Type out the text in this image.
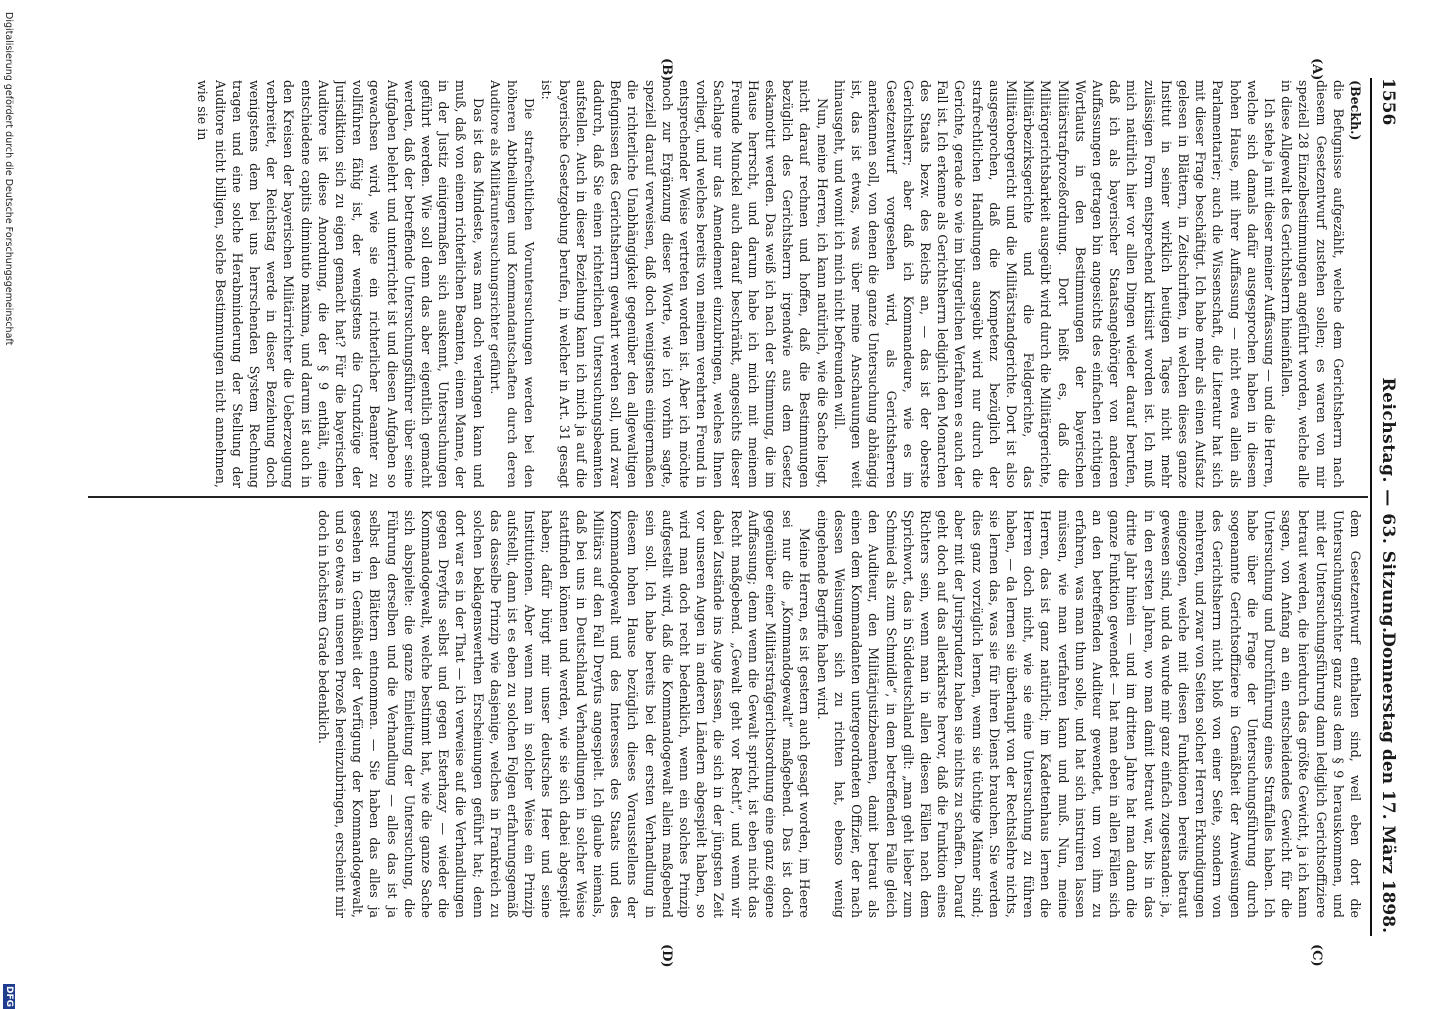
1556
Reichstag. — 63. Sitzung.
Donnerstag den 17. März 1898.
(A)
(B)
(C)
(D)

(Beckh.)

die Befugnisse aufgezählt, welche dem Gerichtsherrn nach diesem Gesetzentwurf zustehen sollen; es waren von mir speziell 28 Einzelbestimmungen angeführt worden, welche alle in diese Allgewalt des Gerichtsherrn hineinfallen.

Ich stehe ja mit dieser meiner Auffassung — und die Herren, welche sich damals dafür ausgesprochen haben in diesem hohen Hause, mit ihrer Auffassung — nicht etwa allein als Parlamentarier; auch die Wissenschaft, die Literatur hat sich mit dieser Frage beschäftigt. Ich habe mehr als einen Aufsatz gelesen in Blättern, in Zeitschriften, in welchen dieses ganze Institut in seiner wirklich heutigen Tages nicht mehr zulässigen Form entsprechend kritisirt worden ist. Ich muß mich natürlich hier vor allen Dingen wieder darauf berufen, daß ich als bayerischer Staatsangehöriger von anderen Auffassungen getragen bin angesichts des einfachen richtigen Wortlauts in den Bestimmungen der bayerischen Militärstrafprozeßordnung. Dort heißt es, daß die Militärgerichtsbarkeit ausgeübt wird durch die Militärgerichte, Militärbezirksgerichte und die Feldgerichte, das Militärobergericht und die Militärstandgerichte. Dort ist also ausgesprochen, daß die Kompetenz bezüglich der strafrechtlichen Handlungen ausgeübt wird nur durch die Gerichte, gerade so wie im bürgerlichen Verfahren es auch der Fall ist. Ich erkenne als Gerichtsherrn lediglich den Monarchen des Staats bezw. des Reichs an, — das ist der oberste Gerichtsherr; aber daß ich Kommandeure, wie es im Gesetzentwurf vorgesehen wird, als Gerichtsherren anerkennen soll, von denen die ganze Untersuchung abhängig ist, das ist etwas, was über meine Anschauungen weit hinausgeht, und womit ich mich nicht befreunden will.

Nun, meine Herren, ich kann natürlich, wie die Sache liegt, nicht darauf rechnen und hoffen, daß die Bestimmungen bezüglich des Gerichtsherrn irgendwie aus dem Gesetz eskamotirt werden. Das weiß ich nach der Stimmung, die im Hause herrscht, und darum habe ich mich mit meinem Freunde Munckel auch darauf beschränkt, angesichts dieser Sachlage nur das Amendement einzubringen, welches Ihnen vorliegt, und welches bereits von meinem verehrten Freund in entsprechender Weise vertreten worden ist. Aber ich möchte noch zur Ergänzung dieser Worte, wie ich vorhin sagte, speziell darauf verweisen, daß doch wenigstens einigermaßen die richterliche Unabhängigkeit gegenüber den allgewaltigen Befugnissen des Gerichtsherrn gewahrt werden soll, und zwar dadurch, daß Sie einen richterlichen Untersuchungsbeamten aufstellen. Auch in dieser Beziehung kann ich mich ja auf die bayerische Gesetzgebung berufen, in welcher in Art. 31 gesagt ist:

Die strafrechtlichen Voruntersuchungen werden bei den höheren Abtheilungen und Kommandantschaften durch deren Auditore als Militäruntersuchungsrichter geführt.

Das ist das Mindeste, was man doch verlangen kann und muß, daß von einem richterlichen Beamten, einem Manne, der in der Justiz einigermaßen sich auskennt, Untersuchungen geführt werden. Wie soll denn das aber eigentlich gemacht werden, daß der betreffende Untersuchungsführer über seine Aufgaben belehrt und unterrichtet ist und diesen Aufgaben so gewachsen wird, wie sie ein richterlicher Beamter zu vollführen fähig ist, der wenigstens die Grundzüge der Jurisdiktion sich zu eigen gemacht hat? Für die bayerischen Auditore ist diese Anordnung, die der § 9 enthält, eine entschiedene capitis diminutio maxima, und darum ist auch in den Kreisen der bayerischen Militärrichter die Ueberzeugung verbreitet, der Reichstag werde in dieser Beziehung doch wenigstens dem bei uns herrschenden System Rechnung tragen und eine solche Herabminderung der Stellung der Auditore nicht billigen, solche Bestimmungen nicht annehmen, wie sie in

dem Gesetzentwurf enthalten sind, weil eben dort die Untersuchungsrichter ganz aus dem § 9 herauskommen, und mit der Untersuchungsführung dann lediglich Gerichtsoffiziere betraut werden, die hierdurch das größte Gewicht, ja ich kann sagen, von Anfang an ein entscheidendes Gewicht für die Untersuchung und Durchführung eines Straffalles haben. Ich habe über die Frage der Untersuchungsführung durch sogenannte Gerichtsoffiziere in Gemäßheit der Anweisungen des Gerichtsherrn nicht bloß von einer Seite, sondern von mehreren, und zwar von Seiten solcher Herren Erkundigungen eingezogen, welche mit diesen Funktionen bereits betraut gewesen sind, und da wurde mir ganz einfach zugestanden: ja, in den ersten Jahren, wo man damit betraut war, bis in das dritte Jahr hinein — und im dritten Jahre hat man dann die ganze Funktion gewendet — hat man eben in allen Fällen sich an den betreffenden Auditeur gewendet, um von ihm zu erfahren, was man thun solle, und hat sich instruiren lassen müssen, wie man verfahren kann und muß. Nun, meine Herren, das ist ganz natürlich; im Kadettenhaus lernen die Herren doch nicht, wie sie eine Untersuchung zu führen haben, — da lernen sie überhaupt von der Rechtslehre nichts, sie lernen das, was sie für ihren Dienst brauchen. Sie werden dies ganz vorzüglich lernen, wenn sie tüchtige Männer sind; aber mit der Jurisprudenz haben sie nichts zu schaffen. Darauf geht doch auf das allerklarste hervor, daß die Funktion eines Richters sein, wenn man in allen diesen Fällen nach dem Sprichwort, das in Süddeutschland gilt: „man geht lieber zum Schmied als zum Schmidle“, in dem betreffenden Falle gleich den Auditeur, den Militärjustizbeamten, damit betraut als einen dem Kommandanten untergeordneten Offizier, der nach dessen Weisungen sich zu richten hat, ebenso wenig eingehende Begriffe haben wird.

Meine Herren, es ist gestern auch gesagt worden, im Heere sei nur die „Kommandogewalt“ maßgebend. Das ist doch gegenüber einer Militärstrafgerichtsordnung eine ganz eigene Auffassung; denn wenn die Gewalt spricht, ist eben nicht das Recht maßgebend. „Gewalt geht vor Recht“, und wenn wir dabei Zustände ins Auge fassen, die sich in der jüngsten Zeit vor unseren Augen in anderen Ländern abgespielt haben, so wird man doch recht bedenklich, wenn ein solches Prinzip aufgestellt wird, daß die Kommandogewalt allein maßgebend sein soll. Ich habe bereits bei der ersten Verhandlung in diesem hohen Hause bezüglich dieses Vorausstellens der Kommandogewalt und des Interesses des Staats und des Militärs auf den Fall Dreyfus angespielt. Ich glaube niemals, daß bei uns in Deutschland Verhandlungen in solcher Weise stattfinden können und werden, wie sie sich dabei abgespielt haben; dafür bürgt mir unser deutsches Heer und seine Institutionen. Aber wenn man in solcher Weise ein Prinzip aufstellt, dann ist es eben zu solchen Folgen erfahrungsgemäß das dasselbe Prinzip wie dasjenige, welches in Frankreich zu solchen beklagenswerthen Erscheinungen geführt hat; denn dort war es in der That — ich verweise auf die Verhandlungen gegen Dreyfus selbst und gegen Esterhazy — wieder die Kommandogewalt, welche bestimmt hat, wie die ganze Sache sich abspielte: die ganze Einleitung der Untersuchung, die Führung derselben und die Verhandlung — alles das ist ja selbst den Blättern entnommen. — Sie haben das alles ja gesehen in Gemäßheit der Verfügung der Kommandogewalt, und so etwas in unseren Prozeß hereinzubringen, erscheint mir doch in höchstem Grade bedenklich.

Digitalisierung gefördert durch die Deutsche Forschungsgemeinschaft
DFG
